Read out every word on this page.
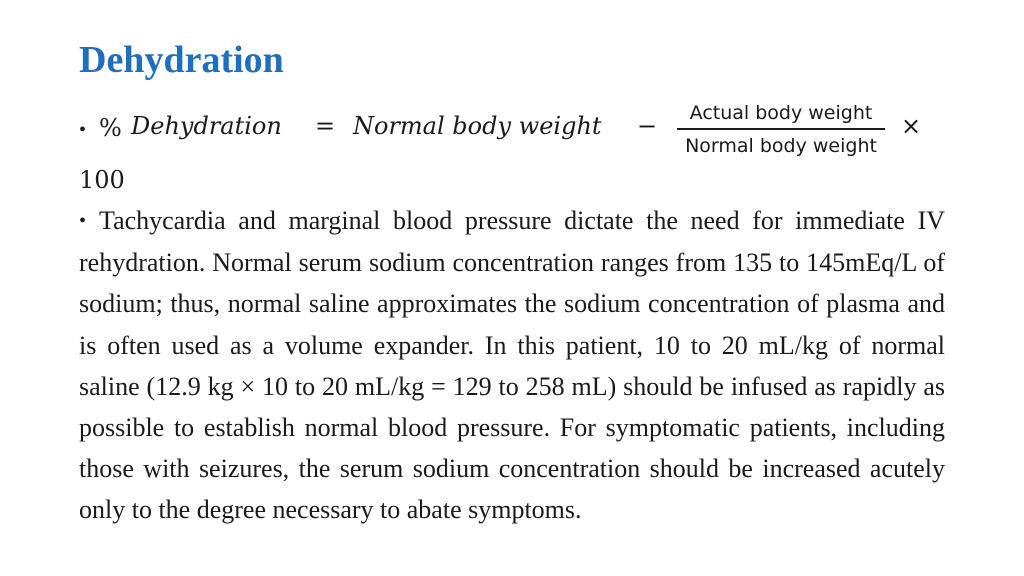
Dehydration
• % Dehydration = Normal body weight −	Actual body weight
Normal body weight
×
100

• Tachycardia and marginal blood pressure dictate the need for immediate IV rehydration. Normal serum sodium concentration ranges from 135 to 145mEq/L of sodium; thus, normal saline approximates the sodium concentration of plasma and is often used as a volume expander. In this patient, 10 to 20 mL/kg of normal saline (12.9 kg × 10 to 20 mL/kg = 129 to 258 mL) should be infused as rapidly as possible to establish normal blood pressure. For symptomatic patients, including those with seizures, the serum sodium concentration should be increased acutely only to the degree necessary to abate symptoms.
